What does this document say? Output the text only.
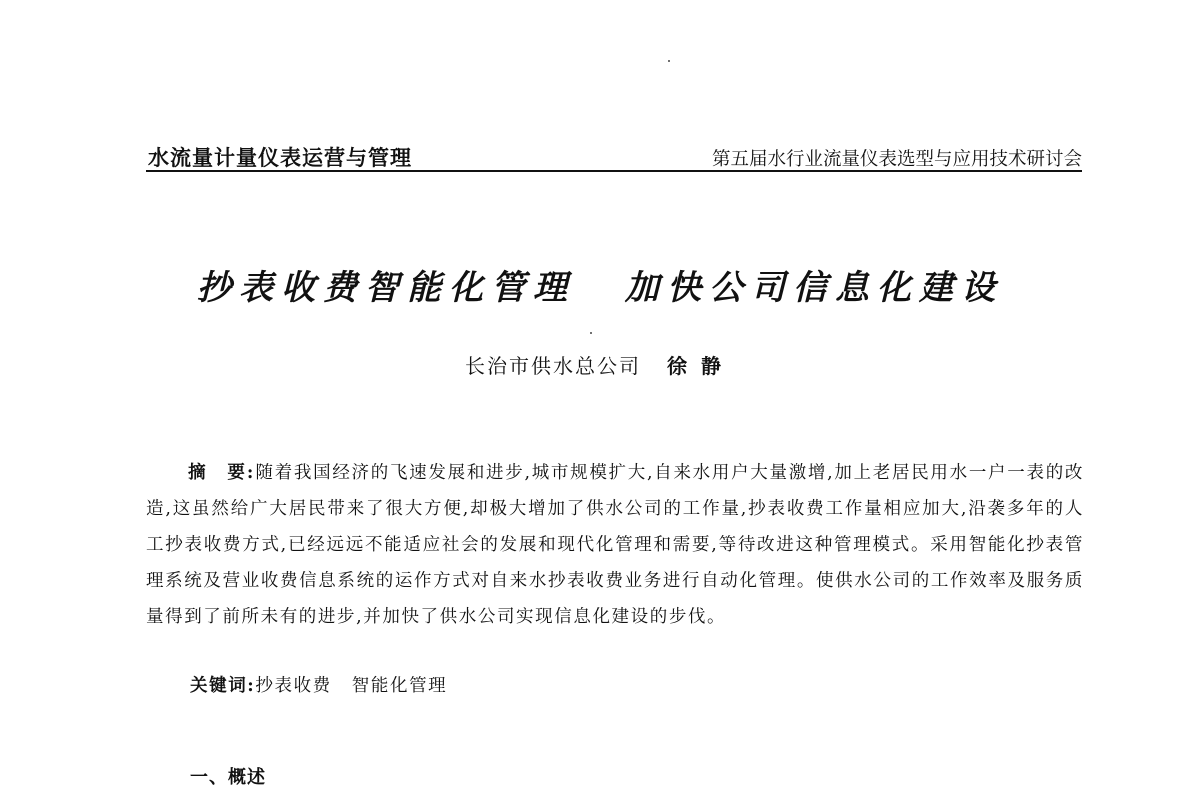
水流量计量仪表运营与管理	第五届水行业流量仪表选型与应用技术研讨会
抄表收费智能化管理 加快公司信息化建设
长治市供水总公司 徐静
摘　要:随着我国经济的飞速发展和进步,城市规模扩大,自来水用户大量激增,加上老居民用水一户一表的改造,这虽然给广大居民带来了很大方便,却极大增加了供水公司的工作量,抄表收费工作量相应加大,沿袭多年的人工抄表收费方式,已经远远不能适应社会的发展和现代化管理和需要,等待改进这种管理模式。采用智能化抄表管理系统及营业收费信息系统的运作方式对自来水抄表收费业务进行自动化管理。使供水公司的工作效率及服务质量得到了前所未有的进步,并加快了供水公司实现信息化建设的步伐。
关键词:抄表收费 智能化管理
一、概述
